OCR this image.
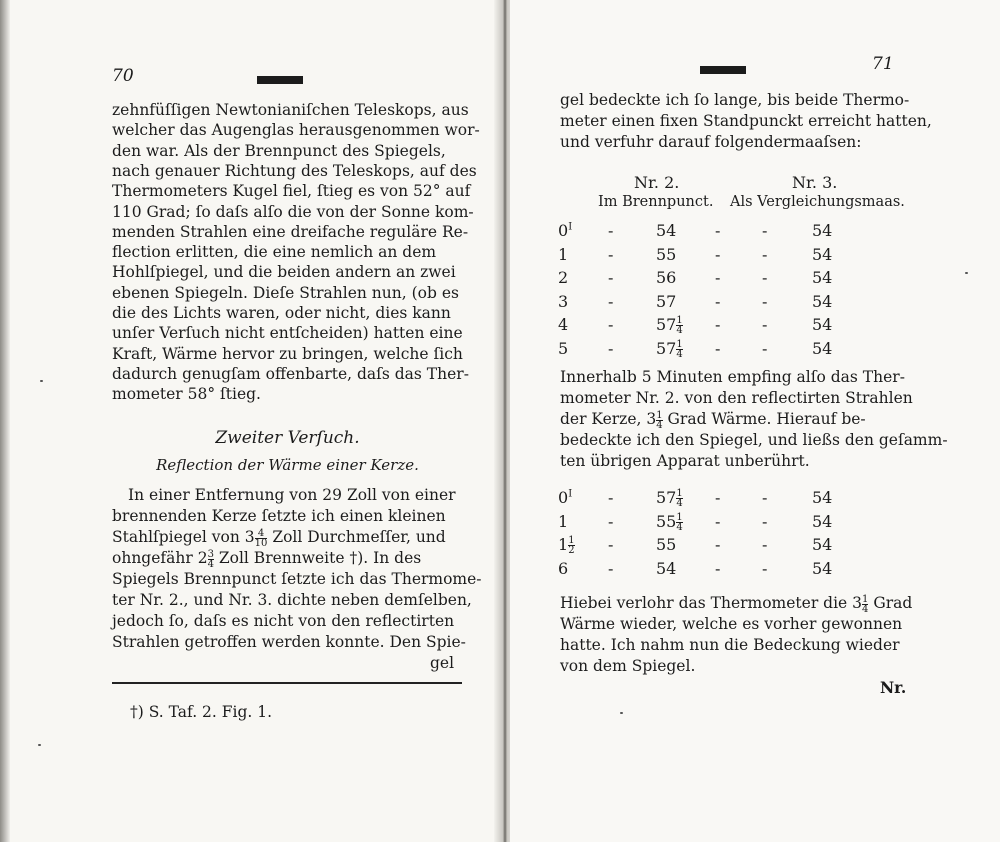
70
zehnfüſſigen Newtonianiſchen Teleskops, aus
welcher das Augenglas herausgenommen wor-
den war. Als der Brennpunct des Spiegels,
nach genauer Richtung des Teleskops, auf des
Thermometers Kugel fiel, ſtieg es von 52° auf
110 Grad; ſo daſs alſo die von der Sonne kom-
menden Strahlen eine dreifache reguläre Re-
flection erlitten, die eine nemlich an dem
Hohlſpiegel, und die beiden andern an zwei
ebenen Spiegeln. Dieſe Strahlen nun, (ob es
die des Lichts waren, oder nicht, dies kann
unſer Verſuch nicht entſcheiden) hatten eine
Kraft, Wärme hervor zu bringen, welche ſich
dadurch genugſam offenbarte, daſs das Ther-
mometer 58° ſtieg.
Zweiter Verſuch.
Reflection der Wärme einer Kerze.
In einer Entfernung von 29 Zoll von einer
brennenden Kerze ſetzte ich einen kleinen
Stahlſpiegel von $3 \frac{4}{10}$ Zoll Durchmeſſer, und
ohngefähr $2 \frac{3}{4}$ Zoll Brennweite †). In des
Spiegels Brennpunct ſetzte ich das Thermome-
ter Nr. 2., und Nr. 3. dichte neben demſelben,
jedoch ſo, daſs es nicht von den reflectirten
Strahlen getroffen werden konnte. Den Spie-
gel
†) S. Taf. 2. Fig. 1.
71
gel bedeckte ich ſo lange, bis beide Thermo-
meter einen fixen Standpunckt erreicht hatten,
und verfuhr darauf folgendermaaſsen:
Nr. 2.	Nr. 3.
Im Brennpunct. Als Vergleichungsmaas.
$0^I$ -	54 -	-	54
1 -	55 -	-	54
2 -	56 -	-	54
3 -	57 -	-	54
4 -	$57 \frac{1}{4}$ -	-	54
5 -	$57 \frac{1}{4}$ -	-	54
Innerhalb 5 Minuten empfing alſo das Ther-
mometer Nr. 2. von den reflectirten Strahlen
der Kerze, $3 \frac{1}{4}$ Grad Wärme. Hierauf be-
bedeckte ich den Spiegel, und ließs den geſamm-
ten übrigen Apparat unberührt.
$0^I$ -	$57 \frac{1}{4}$ -	-	54
1 -	$55 \frac{1}{4}$ -	-	54
$1 \frac{1}{2}$ -	55 -	-	54
6 -	54 -	-	54
Hiebei verlohr das Thermometer die $3 \frac{1}{4}$ Grad
Wärme wieder, welche es vorher gewonnen
hatte. Ich nahm nun die Bedeckung wieder
von dem Spiegel.
Nr.
